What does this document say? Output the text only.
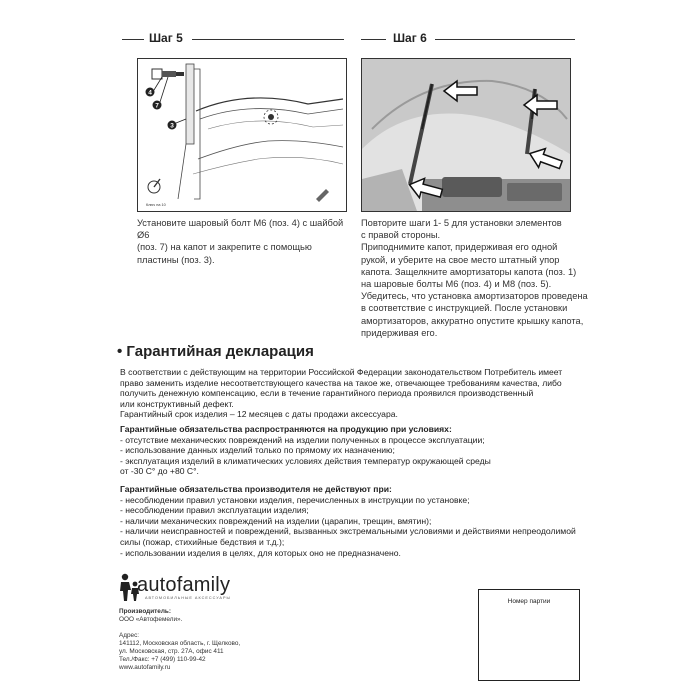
Шаг 5
4
7
3
Ключ на 10
Установите шаровый болт М6 (поз. 4) с шайбой Ø6
(поз. 7) на капот и закрепите с помощью
пластины (поз. 3).
Шаг 6
Повторите шаги 1- 5 для установки элементов
с правой стороны.
Приподнимите капот, придерживая его одной
рукой, и уберите на свое место штатный упор
капота. Защелкните амортизаторы капота (поз. 1)
на шаровые болты М6 (поз. 4) и М8 (поз. 5).
Убедитесь, что установка амортизаторов проведена
в соответствие с инструкцией. После установки
амортизаторов, аккуратно опустите крышку капота,
придерживая его.
• Гарантийная декларация
В соответствии с действующим на территории Российской Федерации законодательством Потребитель имеет
право заменить изделие несоответствующего качества на такое же, отвечающее требованиям качества, либо
получить денежную компенсацию, если в течение гарантийного периода проявился производственный
или конструктивный дефект.
Гарантийный срок изделия – 12 месяцев с даты продажи аксессуара.
Гарантийные обязательства распространяются на продукцию при условиях:
- отсутствие механических повреждений на изделии полученных в процессе эксплуатации;
- использование данных изделий только по прямому их назначению;
- эксплуатация изделий в климатических условиях действия температур окружающей среды
от -30 С° до +80 С°.
Гарантийные обязательства производителя не действуют при:
- несоблюдении правил установки изделия, перечисленных в инструкции по установке;
- несоблюдении правил эксплуатации изделия;
- наличии механических повреждений на изделии (царапин, трещин, вмятин);
- наличии неисправностей и повреждений, вызванных экстремальными условиями и действиями непреодолимой
силы (пожар, стихийные бедствия и т.д.);
- использовании изделия в целях, для которых оно не предназначено.
autofamily
АВТОМОБИЛЬНЫЕ АКСЕССУАРЫ
Производитель:
ООО «Автофемели».
Адрес:
141112, Московская область, г. Щелково,
ул. Московская, стр. 27А, офис 411
Тел./Факс: +7 (499) 110-99-42
www.autofamily.ru
Номер партии
